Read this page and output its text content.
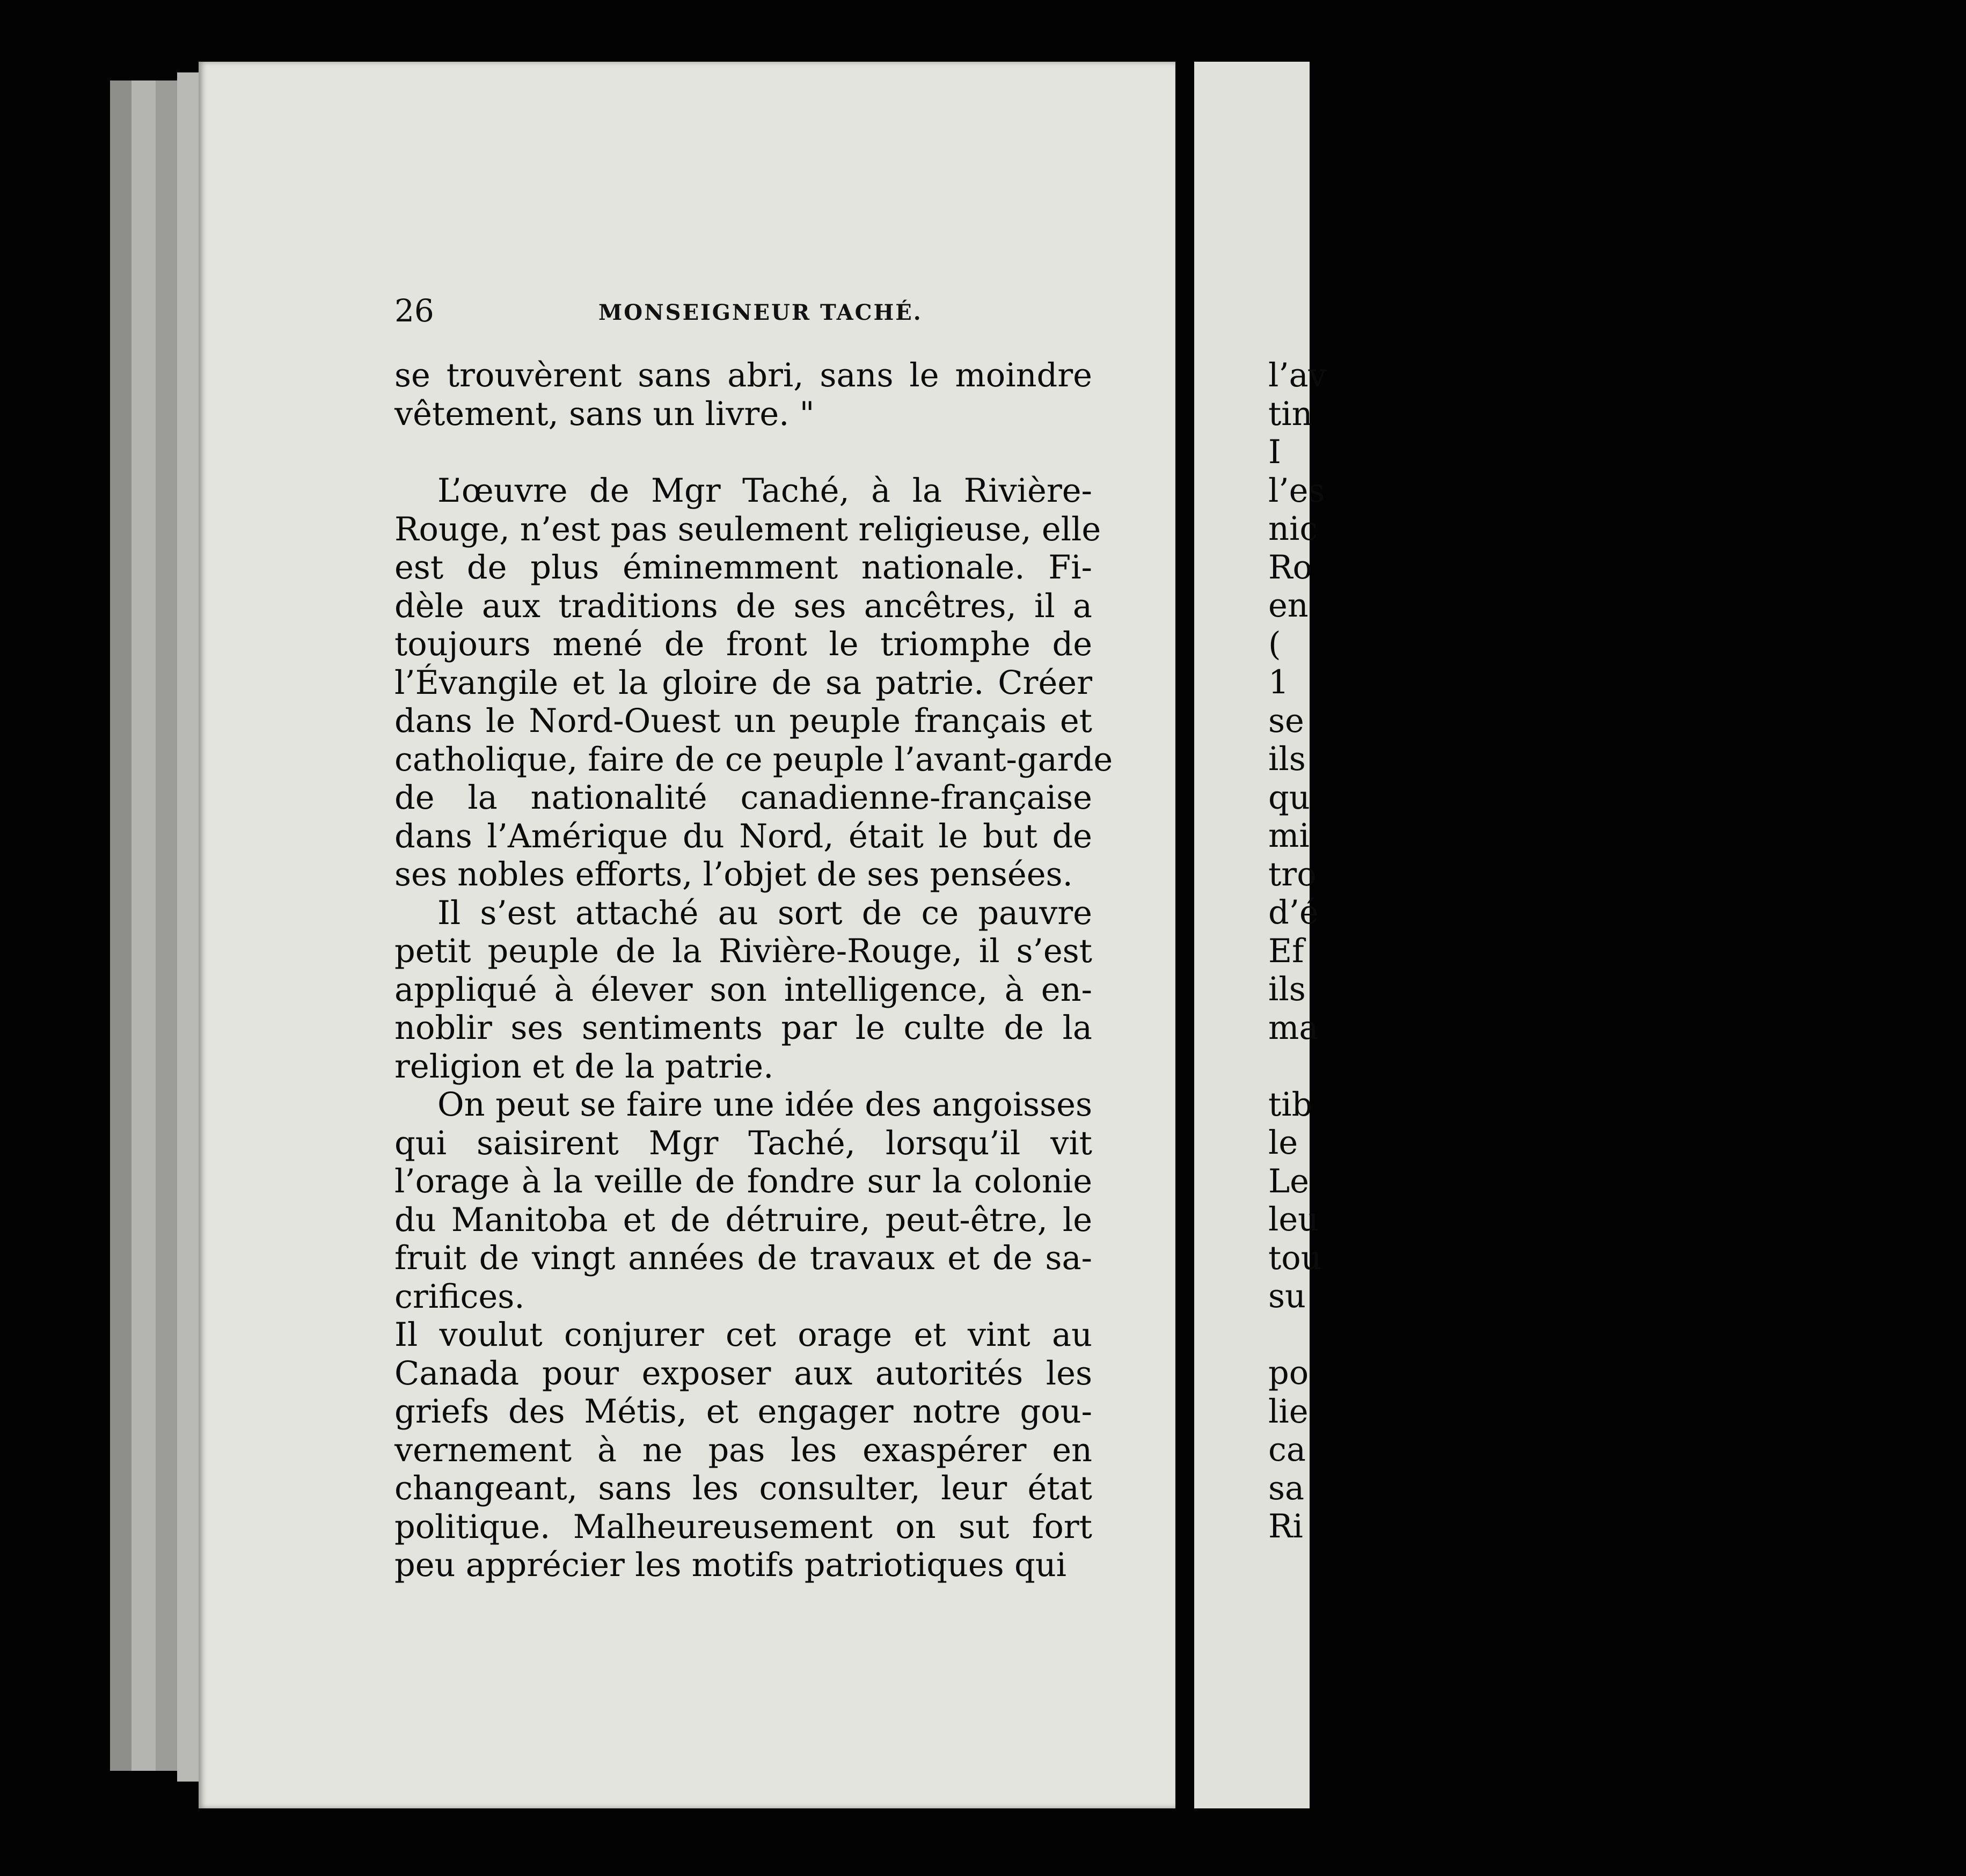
26	MONSEIGNEUR TACHÉ.

se trouvèrent sans abri, sans le moindre
vêtement, sans un livre. "

L’œuvre de Mgr Taché, à la Rivière-
Rouge, n’est pas seulement religieuse, elle
est de plus éminemment nationale. Fi-
dèle aux traditions de ses ancêtres, il a
toujours mené de front le triomphe de
l’Évangile et la gloire de sa patrie. Créer
dans le Nord-Ouest un peuple français et
catholique, faire de ce peuple l’avant-garde
de la nationalité canadienne-française
dans l’Amérique du Nord, était le but de
ses nobles efforts, l’objet de ses pensées.

Il s’est attaché au sort de ce pauvre
petit peuple de la Rivière-Rouge, il s’est
appliqué à élever son intelligence, à en-
noblir ses sentiments par le culte de la
religion et de la patrie.

On peut se faire une idée des angoisses
qui saisirent Mgr Taché, lorsqu’il vit
l’orage à la veille de fondre sur la colonie
du Manitoba et de détruire, peut-être, le
fruit de vingt années de travaux et de sa-
crifices.

Il voulut conjurer cet orage et vint au
Canada pour exposer aux autorités les
griefs des Métis, et engager notre gou-
vernement à ne pas les exaspérer en
changeant, sans les consulter, leur état
politique. Malheureusement on sut fort
peu apprécier les motifs patriotiques qui

l’av
tin
I
l’es
nic
Ro
en
(
1
se
ils
qu
mi
tro
d’é
Ef
ils
ma
tib
le
Le
leu
tou
su
po
lie
ca
sa
Ri
